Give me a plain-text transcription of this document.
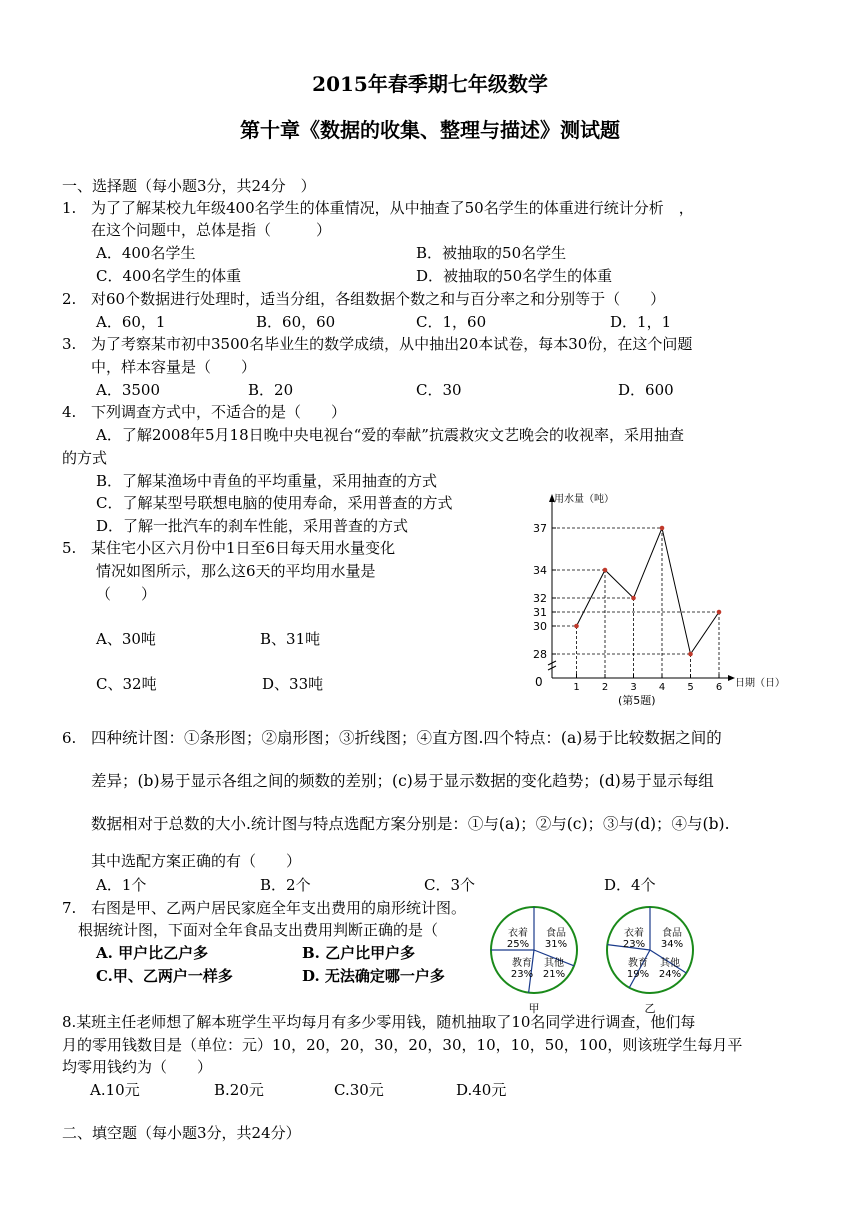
2015年春季期七年级数学
第十章《数据的收集、整理与描述》测试题
一、选择题（每小题3分，共24分　）
1. 为了了解某校九年级400名学生的体重情况，从中抽查了50名学生的体重进行统计分析　，
在这个问题中，总体是指（　　　）
A．400名学生	B．被抽取的50名学生
C．400名学生的体重	D．被抽取的50名学生的体重
2. 对60个数据进行处理时，适当分组，各组数据个数之和与百分率之和分别等于（　　）
A．60，1	B．60，60	C．1，60	D．1，1
3. 为了考察某市初中3500名毕业生的数学成绩，从中抽出20本试卷，每本30份，在这个问题
中，样本容量是（　　）
A．3500	B．20	C．30	D．600
4. 下列调查方式中，不适合的是（　　）
A．了解2008年5月18日晚中央电视台“爱的奉献”抗震救灾文艺晚会的收视率，采用抽查
的方式
B．了解某渔场中青鱼的平均重量，采用抽查的方式
C．了解某型号联想电脑的使用寿命，采用普查的方式
D．了解一批汽车的刹车性能，采用普查的方式
5. 某住宅小区六月份中1日至6日每天用水量变化
情况如图所示，那么这6天的平均用水量是
（　　）
A、30吨	B、31吨
C、32吨	D、33吨
用水量（吨）
日期（日）
(第5题)
0
28
30
31
32
34
37
1 2 3 4 5 6
6. 四种统计图：①条形图；②扇形图；③折线图；④直方图.四个特点：(a)易于比较数据之间的
差异；(b)易于显示各组之间的频数的差别；(c)易于显示数据的变化趋势；(d)易于显示每组
数据相对于总数的大小.统计图与特点选配方案分别是：①与(a)；②与(c)；③与(d)；④与(b).
其中选配方案正确的有（　　）
A．1个	B．2个	C．3个	D．4个
7. 右图是甲、乙两户居民家庭全年支出费用的扇形统计图。
根据统计图，下面对全年食品支出费用判断正确的是（
A. 甲户比乙户多	B. 乙户比甲户多
C.甲、乙两户一样多	D. 无法确定哪一户多
衣着
25%
食品
31%
其他
21%
教育
23%
甲
衣着
23%
食品
34%
其他
24%
教育
19%
乙
8.某班主任老师想了解本班学生平均每月有多少零用钱，随机抽取了10名同学进行调查，他们每
月的零用钱数目是（单位：元）10，20，20，30，20，30，10，10，50，100，则该班学生每月平
均零用钱约为（　　）
A.10元	B.20元	C.30元	D.40元
二、填空题（每小题3分，共24分）
